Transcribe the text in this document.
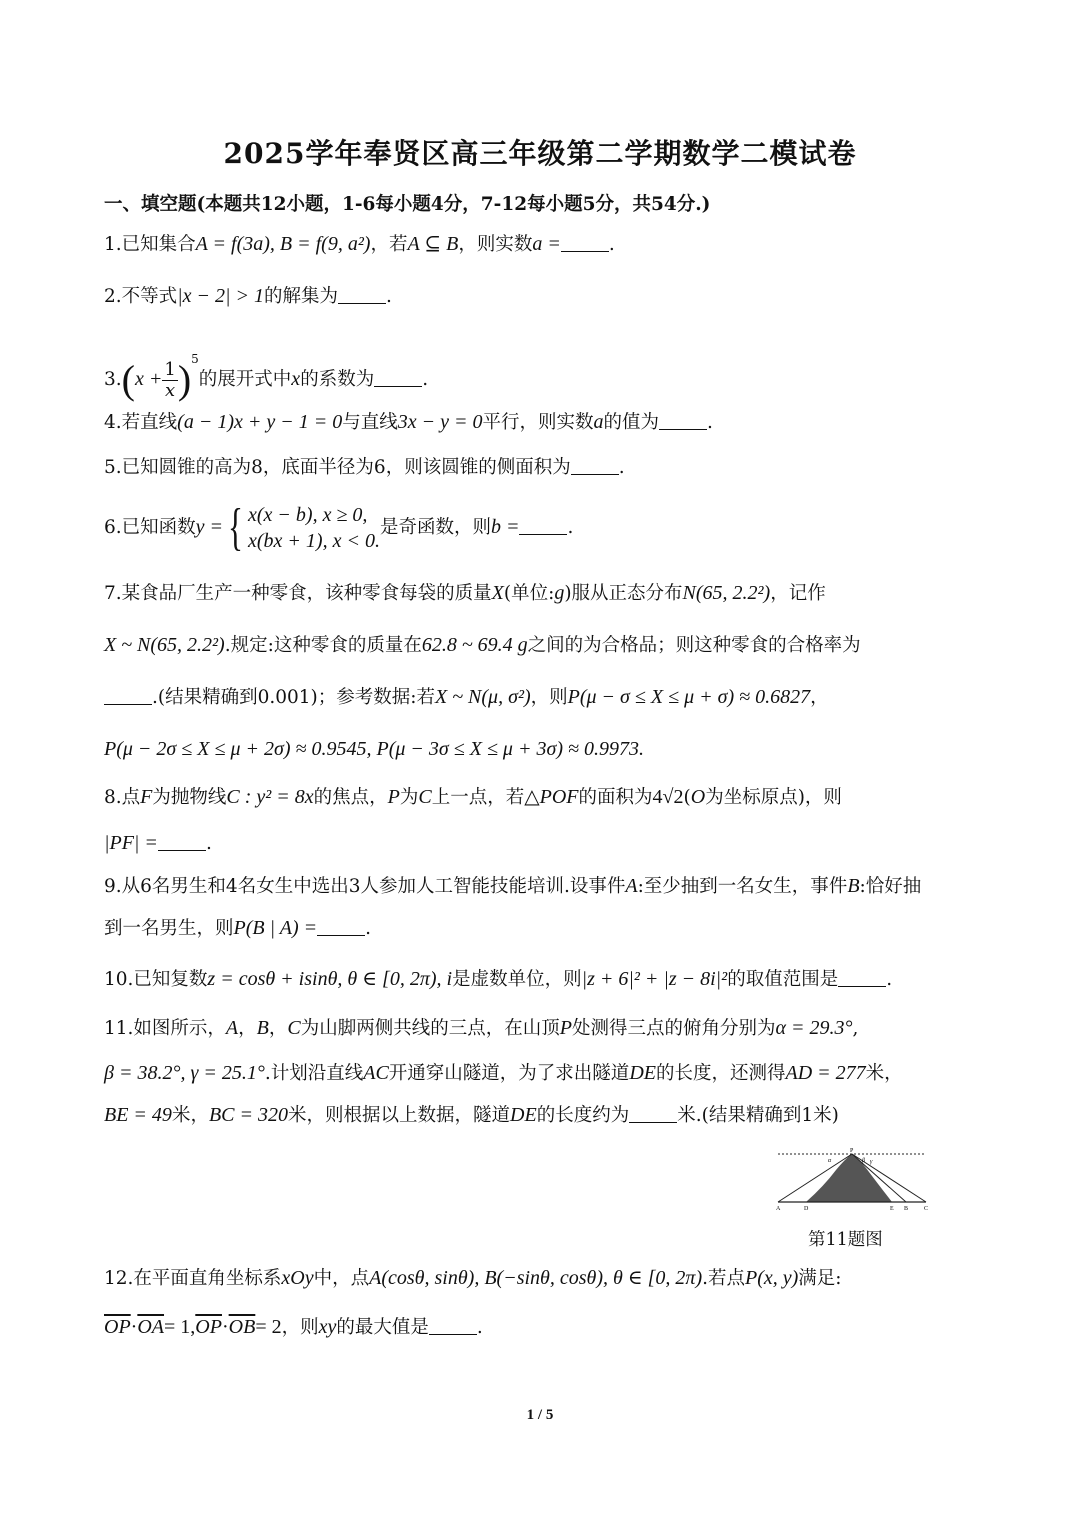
2025学年奉贤区高三年级第二学期数学二模试卷
一、填空题(本题共12小题，1-6每小题4分，7-12每小题5分，共54分.)
1.已知集合A = f(3a), B = f(9, a²)，若A ⊆ B，则实数a =	.
2.不等式|x − 2| > 1的解集为	.
$3.(x + \frac{1}{x} )^5$的展开式中x的系数为	.
4.若直线(a − 1)x + y − 1 = 0与直线3x − y = 0平行，则实数a的值为	.
5.已知圆锥的高为8，底面半径为6，则该圆锥的侧面积为	.
6.已知函数y ={ x(x − b), x ≥ 0,
x(bx + 1), x < 0.
是奇函数，则b =	.
7.某食品厂生产一种零食，该种零食每袋的质量X(单位:g)服从正态分布N(65, 2.2²)，记作
X ~ N(65, 2.2²).规定:这种零食的质量在62.8 ~ 69.4 g之间的为合格品；则这种零食的合格率为
.(结果精确到0.001)；参考数据:若X ~ N(μ, σ²)，则P(μ − σ ≤ X ≤ μ + σ) ≈ 0.6827，
P(μ − 2σ ≤ X ≤ μ + 2σ) ≈ 0.9545, P(μ − 3σ ≤ X ≤ μ + 3σ) ≈ 0.9973.
8.点F为抛物线C : y² = 8x的焦点，P为C上一点，若△POF的面积为4√2(O为坐标原点)，则
|PF| =	.
9.从6名男生和4名女生中选出3人参加人工智能技能培训.设事件A:至少抽到一名女生，事件B:恰好抽
到一名男生，则P(B | A) =	.
10.已知复数z = cosθ + isinθ, θ ∈ [0, 2π), i是虚数单位，则|z + 6|² + |z − 8i|²的取值范围是	.
11.如图所示，A，B，C为山脚两侧共线的三点，在山顶P处测得三点的俯角分别为α = 29.3°,
β = 38.2°, γ = 25.1°.计划沿直线AC开通穿山隧道，为了求出隧道DE的长度，还测得AD = 277米，
BE = 49米，BC = 320米，则根据以上数据，隧道DE的长度约为	米.(结果精确到1米)
P
α	β γ
A	D	E B	C
第11题图
12.在平面直角坐标系xOy中，点A(cosθ, sinθ), B(−sinθ, cosθ), θ ∈ [0, 2π).若点P(x, y)满足:
$\overline{OP}\cdot\overline{OA}= 1,\overline{OP}\cdot\overline{OB}= 2$，则xy的最大值是	.
1 / 5
